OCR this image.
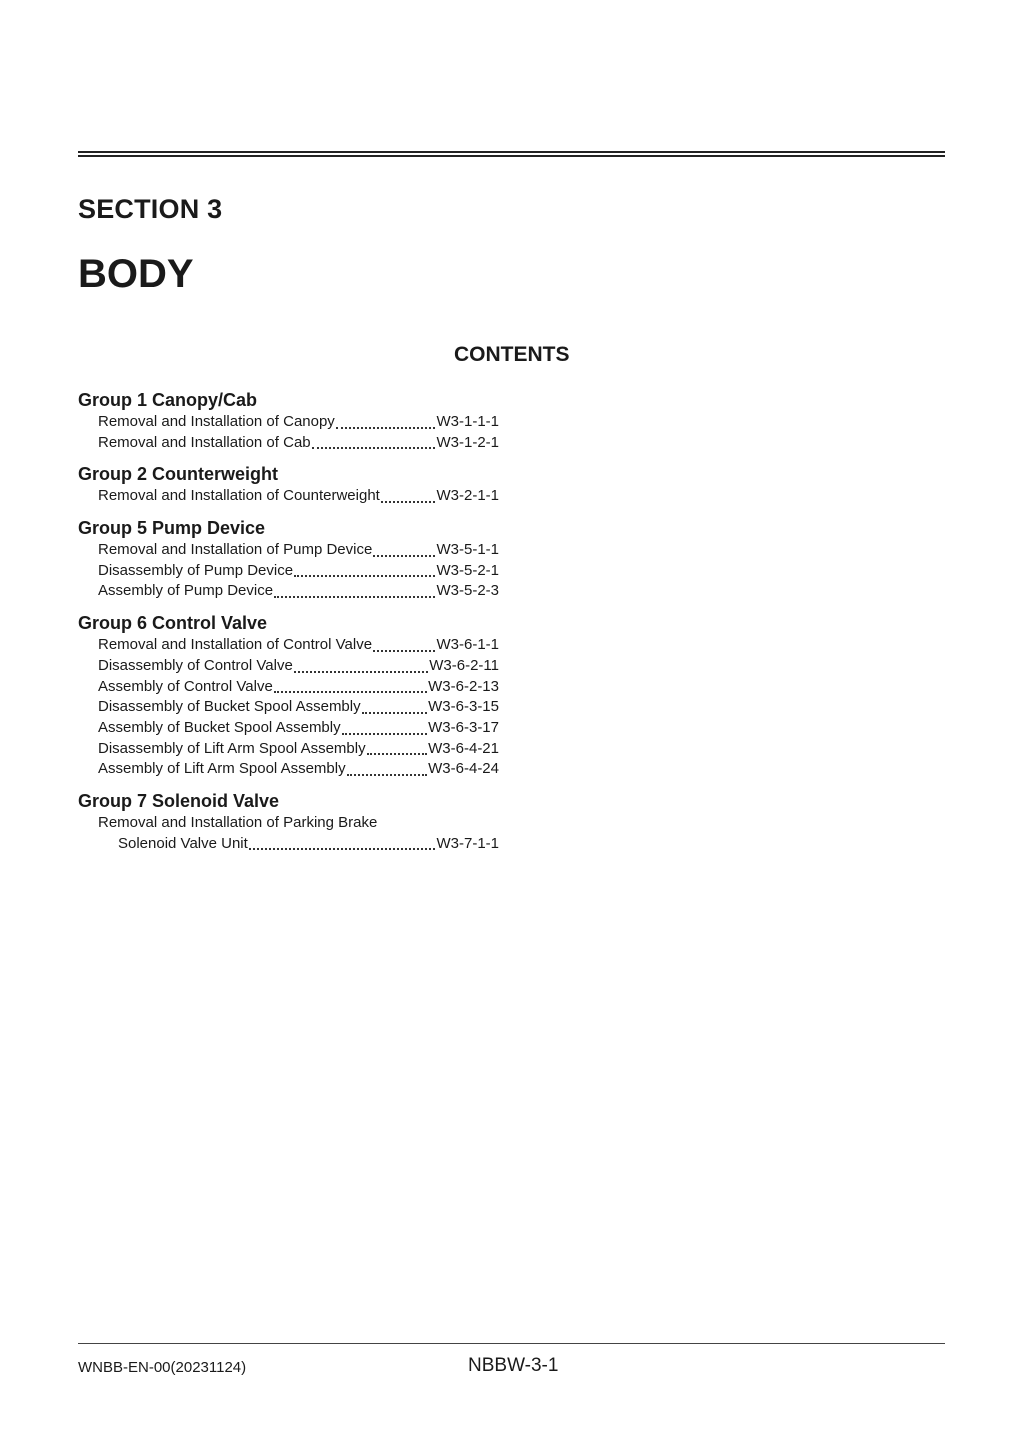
SECTION 3
BODY
CONTENTS
Group 1 Canopy/Cab
Removal and Installation of Canopy	W3-1-1-1
Removal and Installation of Cab	W3-1-2-1
Group 2 Counterweight
Removal and Installation of Counterweight	W3-2-1-1
Group 5 Pump Device
Removal and Installation of Pump Device	W3-5-1-1
Disassembly of Pump Device	W3-5-2-1
Assembly of Pump Device	W3-5-2-3
Group 6 Control Valve
Removal and Installation of Control Valve	W3-6-1-1
Disassembly of Control Valve	W3-6-2-11
Assembly of Control Valve	W3-6-2-13
Disassembly of Bucket Spool Assembly	W3-6-3-15
Assembly of Bucket Spool Assembly	W3-6-3-17
Disassembly of Lift Arm Spool Assembly	W3-6-4-21
Assembly of Lift Arm Spool Assembly	W3-6-4-24
Group 7 Solenoid Valve
Removal and Installation of Parking Brake
Solenoid Valve Unit	W3-7-1-1

WNBB-EN-00(20231124)	NBBW-3-1
